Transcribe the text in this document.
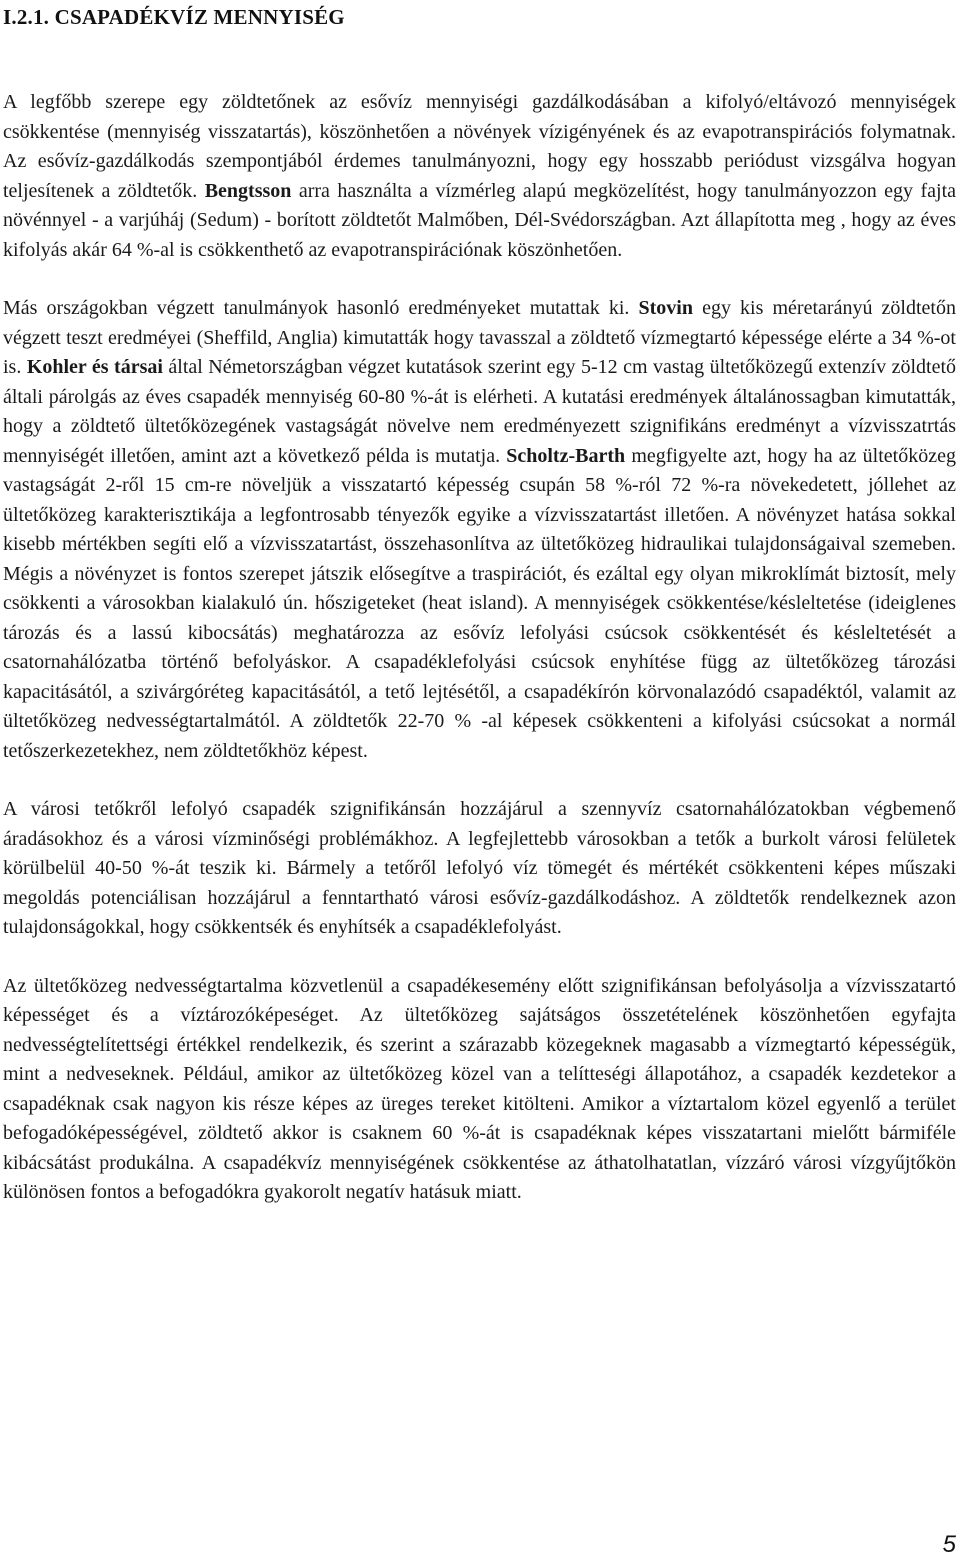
I.2.1. CSAPADÉKVÍZ MENNYISÉG

A legfőbb szerepe egy zöldtetőnek az esővíz mennyiségi gazdálkodásában a kifolyó/eltávozó mennyiségek csökkentése (mennyiség visszatartás), köszönhetően a növények vízigényének és az evapotranspirációs folymatnak. Az esővíz-gazdálkodás szempontjából érdemes tanulmányozni, hogy egy hosszabb periódust vizsgálva hogyan teljesítenek a zöldtetők. Bengtsson arra használta a vízmérleg alapú megközelítést, hogy tanulmányozzon egy fajta növénnyel - a varjúháj (Sedum) - borított zöldtetőt Malmőben, Dél-Svédországban. Azt állapította meg , hogy az éves kifolyás akár 64 %-al is csökkenthető az evapotranspirációnak köszönhetően.

Más országokban végzett tanulmányok hasonló eredményeket mutattak ki. Stovin egy kis méretarányú zöldtetőn végzett teszt eredméyei (Sheffild, Anglia) kimutatták hogy tavasszal a zöldtető vízmegtartó képessége elérte a 34 %-ot is. Kohler és társai által Németországban végzet kutatások szerint egy 5-12 cm vastag ültetőközegű extenzív zöldtető általi párolgás az éves csapadék mennyiség 60-80 %-át is elérheti. A kutatási eredmények általánossagban kimutatták, hogy a zöldtető ültetőközegének vastagságát növelve nem eredményezett szignifikáns eredményt a vízvisszatrtás mennyiségét illetően, amint azt a következő példa is mutatja. Scholtz-Barth megfigyelte azt, hogy ha az ültetőközeg vastagságát 2-ről 15 cm-re növeljük a visszatartó képesség csupán 58 %-ról 72 %-ra növekedetett, jóllehet az ültetőközeg karakterisztikája a legfontrosabb tényezők egyike a vízvisszatartást illetően. A növényzet hatása sokkal kisebb mértékben segíti elő a vízvisszatartást, összehasonlítva az ültetőközeg hidraulikai tulajdonságaival szemeben. Mégis a növényzet is fontos szerepet játszik elősegítve a traspirációt, és ezáltal egy olyan mikroklímát biztosít, mely csökkenti a városokban kialakuló ún. hőszigeteket (heat island). A mennyiségek csökkentése/késleltetése (ideiglenes tározás és a lassú kibocsátás) meghatározza az esővíz lefolyási csúcsok csökkentését és késleltetését a csatornahálózatba történő befolyáskor. A csapadéklefolyási csúcsok enyhítése függ az ültetőközeg tározási kapacitásától, a szivárgóréteg kapacitásától, a tető lejtésétől, a csapadékírón körvonalazódó csapadéktól, valamit az ültetőközeg nedvességtartalmától. A zöldtetők 22-70 % -al képesek csökkenteni a kifolyási csúcsokat a normál tetőszerkezetekhez, nem zöldtetőkhöz képest.

A városi tetőkről lefolyó csapadék szignifikánsán hozzájárul a szennyvíz csatornahálózatokban végbemenő áradásokhoz és a városi vízminőségi problémákhoz. A legfejlettebb városokban a tetők a burkolt városi felületek körülbelül 40-50 %-át teszik ki. Bármely a tetőről lefolyó víz tömegét és mértékét csökkenteni képes műszaki megoldás potenciálisan hozzájárul a fenntartható városi esővíz-gazdálkodáshoz. A zöldtetők rendelkeznek azon tulajdonságokkal, hogy csökkentsék és enyhítsék a csapadéklefolyást.

Az ültetőközeg nedvességtartalma közvetlenül a csapadékesemény előtt szignifikánsan befolyásolja a vízvisszatartó képességet és a víztározóképeséget. Az ültetőközeg sajátságos összetételének köszönhetően egyfajta nedvességtelítettségi értékkel rendelkezik, és szerint a szárazabb közegeknek magasabb a vízmegtartó képességük, mint a nedveseknek. Például, amikor az ültetőközeg közel van a telítteségi állapotához, a csapadék kezdetekor a csapadéknak csak nagyon kis része képes az üreges tereket kitölteni. Amikor a víztartalom közel egyenlő a terület befogadóképességével, zöldtető akkor is csaknem 60 %-át is csapadéknak képes visszatartani mielőtt bármiféle kibácsátást produkálna. A csapadékvíz mennyiségének csökkentése az áthatolhatatlan, vízzáró városi vízgyűjtőkön különösen fontos a befogadókra gyakorolt negatív hatásuk miatt.

5
